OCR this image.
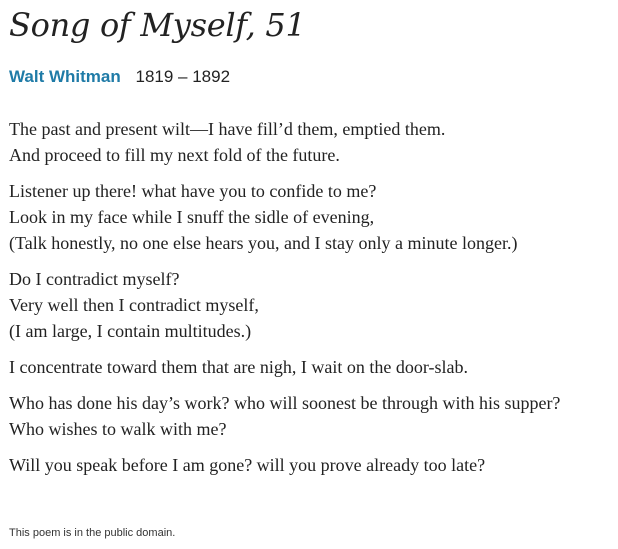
Song of Myself, 51
Walt Whitman 1819 – 1892

The past and present wilt—I have fill’d them, emptied them.
And proceed to fill my next fold of the future.

Listener up there! what have you to confide to me?
Look in my face while I snuff the sidle of evening,
(Talk honestly, no one else hears you, and I stay only a minute longer.)

Do I contradict myself?
Very well then I contradict myself,
(I am large, I contain multitudes.)

I concentrate toward them that are nigh, I wait on the door-slab.

Who has done his day’s work? who will soonest be through with his supper?
Who wishes to walk with me?

Will you speak before I am gone? will you prove already too late?

This poem is in the public domain.
